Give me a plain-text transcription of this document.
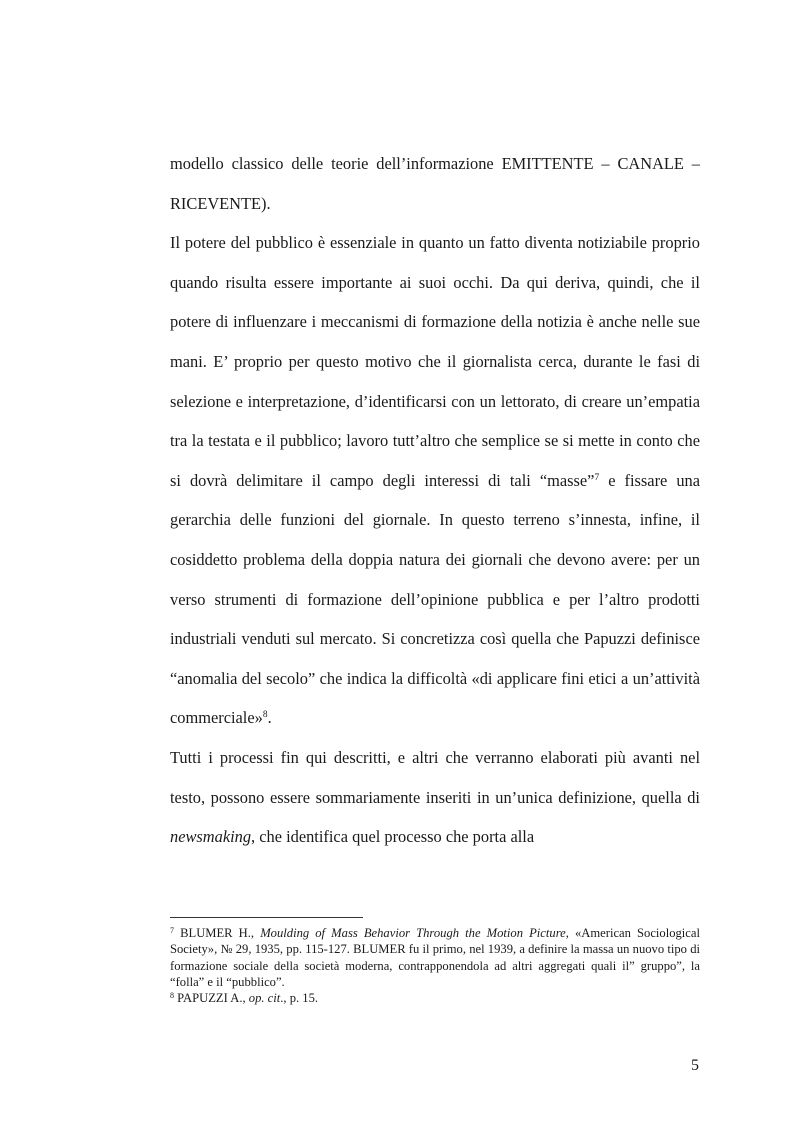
modello classico delle teorie dell’informazione EMITTENTE – CANALE – RICEVENTE).

Il potere del pubblico è essenziale in quanto un fatto diventa notiziabile proprio quando risulta essere importante ai suoi occhi. Da qui deriva, quindi, che il potere di influenzare i meccanismi di formazione della notizia è anche nelle sue mani. E’ proprio per questo motivo che il giornalista cerca, durante le fasi di selezione e interpretazione, d’identificarsi con un lettorato, di creare un’empatia tra la testata e il pubblico; lavoro tutt’altro che semplice se si mette in conto che si dovrà delimitare il campo degli interessi di tali “masse”$^7$ e fissare una gerarchia delle funzioni del giornale. In questo terreno s’innesta, infine, il cosiddetto problema della doppia natura dei giornali che devono avere: per un verso strumenti di formazione dell’opinione pubblica e per l’altro prodotti industriali venduti sul mercato. Si concretizza così quella che Papuzzi definisce “anomalia del secolo” che indica la difficoltà «di applicare fini etici a un’attività commerciale»$^8$.

Tutti i processi fin qui descritti, e altri che verranno elaborati più avanti nel testo, possono essere sommariamente inseriti in un’unica definizione, quella di newsmaking, che identifica quel processo che porta alla

$^7$ BLUMER H., Moulding of Mass Behavior Through the Motion Picture, «American Sociological Society», № 29, 1935, pp. 115-127. BLUMER fu il primo, nel 1939, a definire la massa un nuovo tipo di formazione sociale della società moderna, contrapponendola ad altri aggregati quali il” gruppo”, la “folla” e il “pubblico”.

$^8$ PAPUZZI A., op. cit., p. 15.

5
